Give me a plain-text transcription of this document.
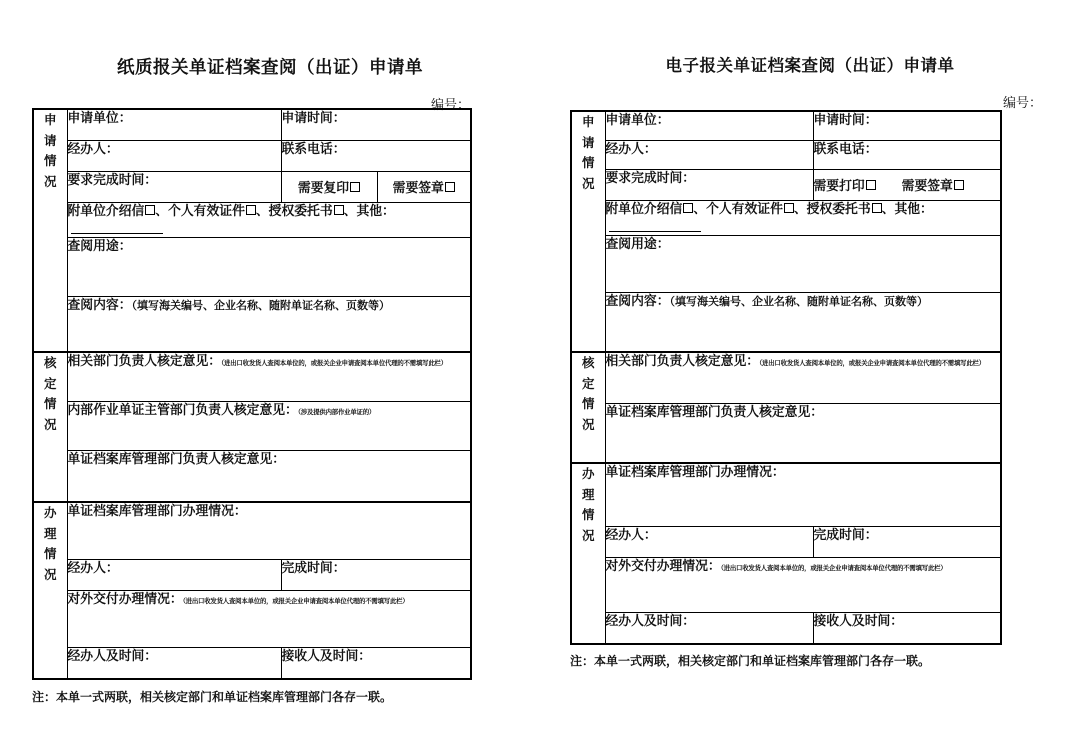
纸质报关单证档案查阅（出证）申请单
编号：
申
请
情
况	申请单位：	申请时间：	
	经办人：	联系电话：	
	要求完成时间：	需要复印	需要签章
	附单位介绍信 、个人有效证件 、授权委托书 、其他：		
	查阅用途：		
	查阅内容：（填写海关编号、企业名称、随附单证名称、页数等）		

核
定
情
况	相关部门负责人核定意见：（进出口收发货人查阅本单位的，或报关企业申请查阅本单位代理的不需填写此栏）		
	内部作业单证主管部门负责人核定意见：（涉及提供内部作业单证的）		
	单证档案库管理部门负责人核定意见：		

办
理
情
况	单证档案库管理部门办理情况：		
	经办人：	完成时间：	
	对外交付办理情况：（进出口收发货人查阅本单位的，或报关企业申请查阅本单位代理的不需填写此栏）		
	经办人及时间：	接收人及时间：	
注：本单一式两联，相关核定部门和单证档案库管理部门各存一联。
电子报关单证档案查阅（出证）申请单
编号：
申
请
情
况	申请单位：	申请时间：
	经办人：	联系电话：
	要求完成时间：	需要打印 需要签章
	附单位介绍信 、个人有效证件 、授权委托书 、其他：	
	查阅用途：	
	查阅内容：（填写海关编号、企业名称、随附单证名称、页数等）	

核
定
情
况	相关部门负责人核定意见：（进出口收发货人查阅本单位的，或报关企业申请查阅本单位代理的不需填写此栏）	
	单证档案库管理部门负责人核定意见：	

办
理
情
况	单证档案库管理部门办理情况：	
	经办人：	完成时间：
	对外交付办理情况：（进出口收发货人查阅本单位的，或报关企业申请查阅本单位代理的不需填写此栏）	
	经办人及时间：	接收人及时间：
注：本单一式两联，相关核定部门和单证档案库管理部门各存一联。
